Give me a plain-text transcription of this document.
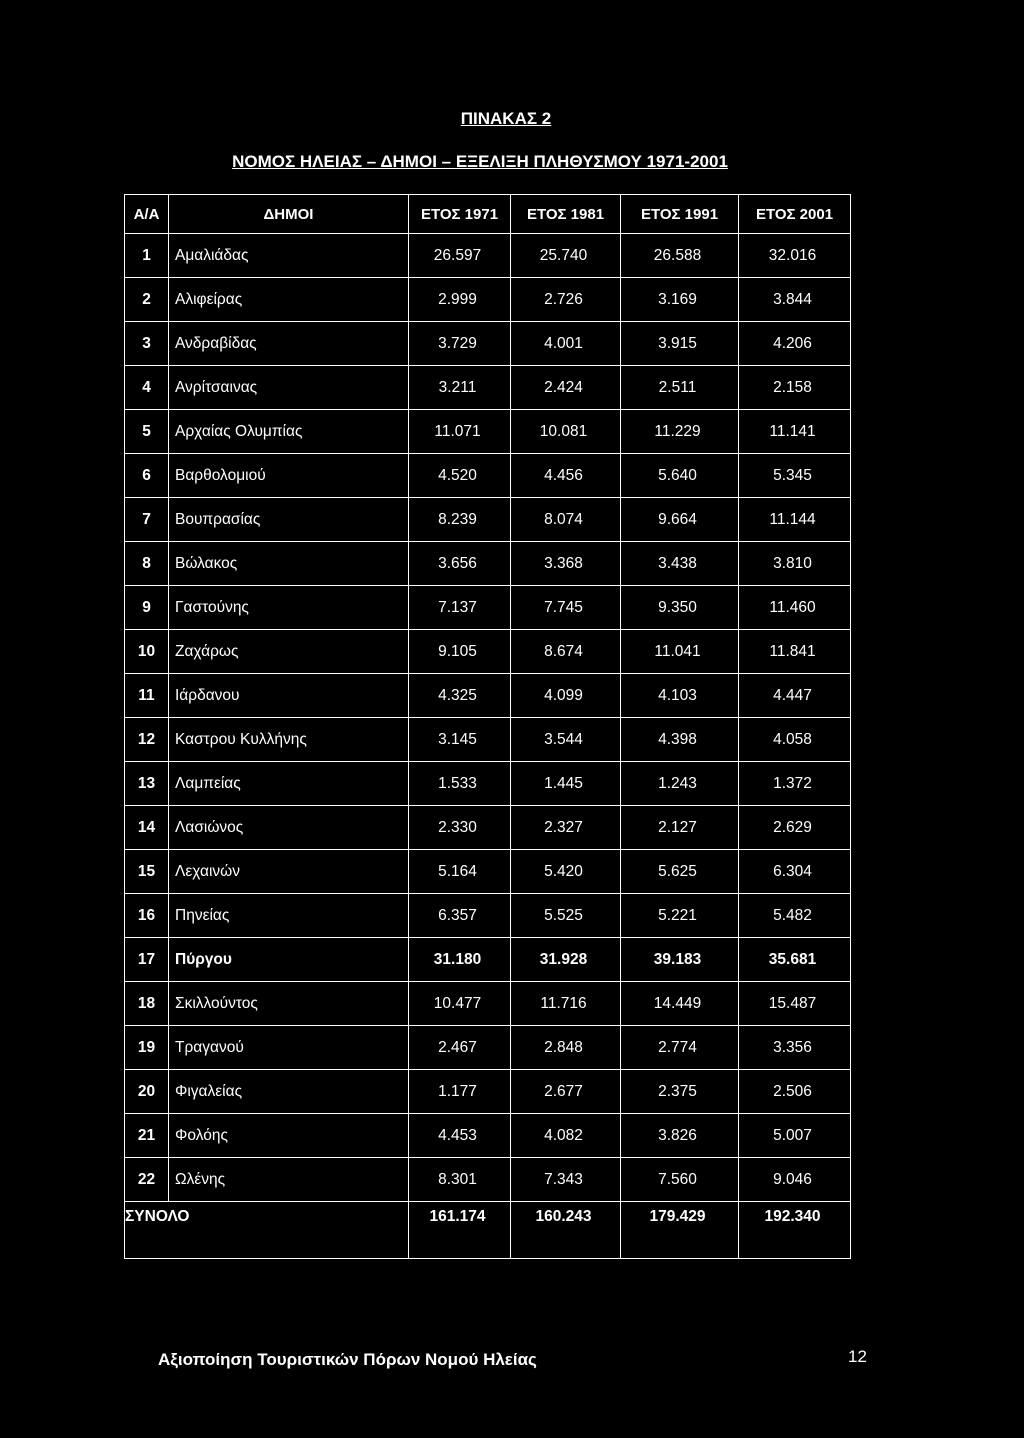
ΠΙΝΑΚΑΣ 2
ΝΟΜΟΣ ΗΛΕΙΑΣ – ΔΗΜΟΙ – ΕΞΕΛΙΞΗ ΠΛΗΘΥΣΜΟΥ 1971-2001
Α/Α	ΔΗΜΟΙ	ΕΤΟΣ 1971	ΕΤΟΣ 1981	ΕΤΟΣ 1991	ΕΤΟΣ 2001
1	Αμαλιάδας	26.597	25.740	26.588	32.016
2	Αλιφείρας	2.999	2.726	3.169	3.844
3	Ανδραβίδας	3.729	4.001	3.915	4.206
4	Ανρίτσαινας	3.211	2.424	2.511	2.158
5	Αρχαίας Ολυμπίας	11.071	10.081	11.229	11.141
6	Βαρθολομιού	4.520	4.456	5.640	5.345
7	Βουπρασίας	8.239	8.074	9.664	11.144
8	Βώλακος	3.656	3.368	3.438	3.810
9	Γαστούνης	7.137	7.745	9.350	11.460
10	Ζαχάρως	9.105	8.674	11.041	11.841
11	Ιάρδανου	4.325	4.099	4.103	4.447
12	Καστρου Κυλλήνης	3.145	3.544	4.398	4.058
13	Λαμπείας	1.533	1.445	1.243	1.372
14	Λασιώνος	2.330	2.327	2.127	2.629
15	Λεχαινών	5.164	5.420	5.625	6.304
16	Πηνείας	6.357	5.525	5.221	5.482
17	Πύργου	31.180	31.928	39.183	35.681
18	Σκιλλούντος	10.477	11.716	14.449	15.487
19	Τραγανού	2.467	2.848	2.774	3.356
20	Φιγαλείας	1.177	2.677	2.375	2.506
21	Φολόης	4.453	4.082	3.826	5.007
22	Ωλένης	8.301	7.343	7.560	9.046
ΣΥΝΟΛΟ		161.174	160.243	179.429	192.340
Αξιοποίηση Τουριστικών Πόρων Νομού Ηλείας	12
